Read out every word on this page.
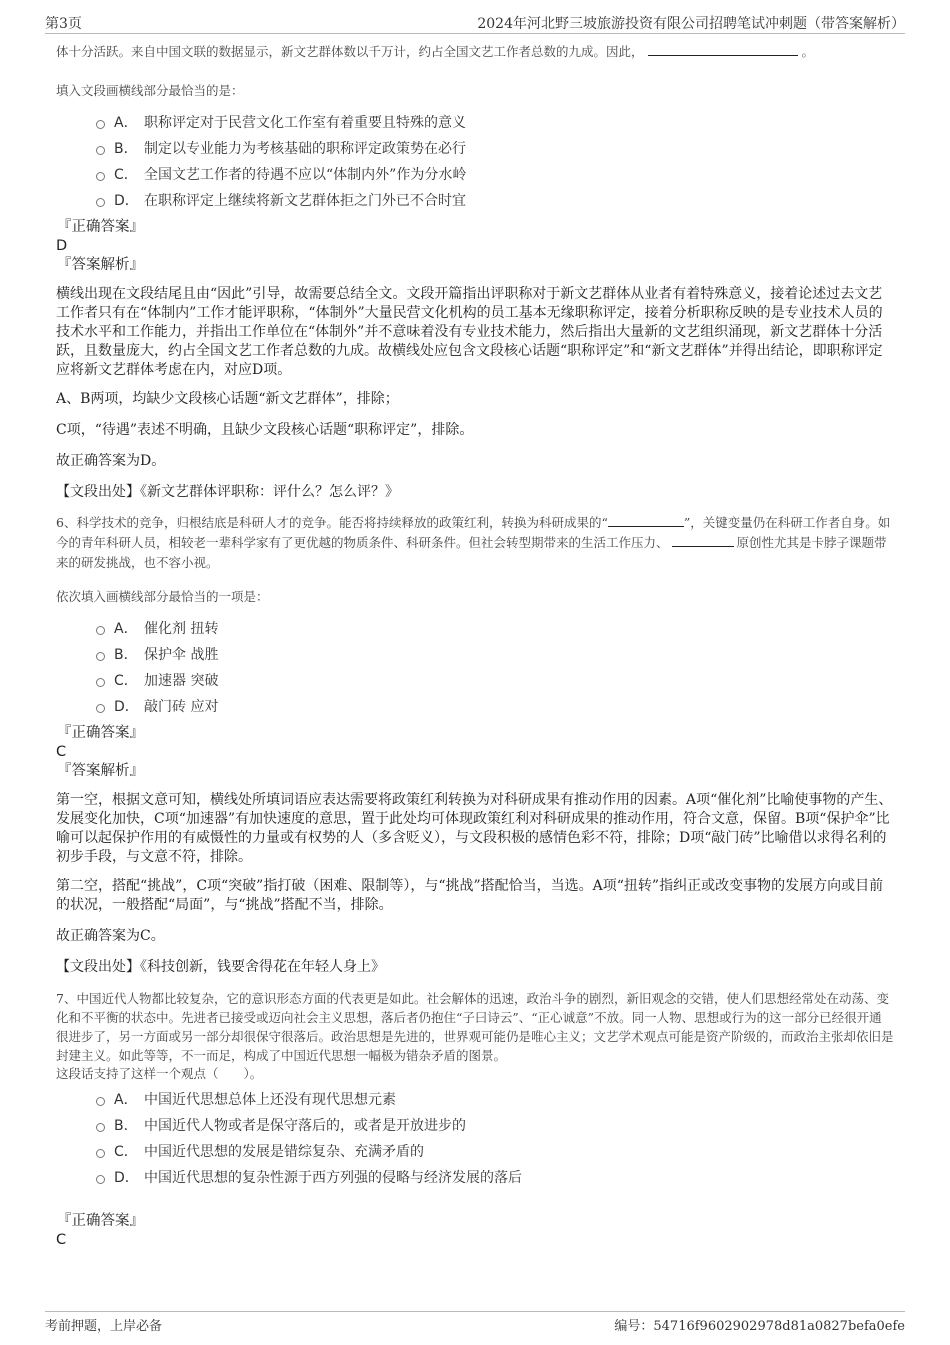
第3页	2024年河北野三坡旅游投资有限公司招聘笔试冲刺题（带答案解析）

体十分活跃。来自中国文联的数据显示，新文艺群体数以千万计，约占全国文艺工作者总数的九成。因此，	。

填入文段画横线部分最恰当的是：

A． 职称评定对于民营文化工作室有着重要且特殊的意义
B． 制定以专业能力为考核基础的职称评定政策势在必行
C． 全国文艺工作者的待遇不应以“体制内外”作为分水岭
D． 在职称评定上继续将新文艺群体拒之门外已不合时宜
『正确答案』
D
『答案解析』

横线出现在文段结尾且由“因此”引导，故需要总结全文。文段开篇指出评职称对于新文艺群体从业者有着特殊意义，接着论述过去文艺工作者只有在“体制内”工作才能评职称，“体制外”大量民营文化机构的员工基本无缘职称评定，接着分析职称反映的是专业技术人员的技术水平和工作能力，并指出工作单位在“体制外”并不意味着没有专业技术能力，然后指出大量新的文艺组织涌现，新文艺群体十分活跃，且数量庞大，约占全国文艺工作者总数的九成。故横线处应包含文段核心话题“职称评定”和“新文艺群体”并得出结论，即职称评定应将新文艺群体考虑在内，对应D项。

A、B两项，均缺少文段核心话题“新文艺群体”，排除；

C项，“待遇”表述不明确，且缺少文段核心话题“职称评定”，排除。

故正确答案为D。

【文段出处】《新文艺群体评职称：评什么？怎么评？》

6、科学技术的竞争，归根结底是科研人才的竞争。能否将持续释放的政策红利，转换为科研成果的“	”，关键变量仍在科研工作者自身。如今的青年科研人员，相较老一辈科学家有了更优越的物质条件、科研条件。但社会转型期带来的生活工作压力、	原创性尤其是卡脖子课题带来的研发挑战，也不容小视。

依次填入画横线部分最恰当的一项是：

A． 催化剂 扭转
B． 保护伞 战胜
C． 加速器 突破
D． 敲门砖 应对
『正确答案』
C
『答案解析』

第一空，根据文意可知，横线处所填词语应表达需要将政策红利转换为对科研成果有推动作用的因素。A项“催化剂”比喻使事物的产生、发展变化加快，C项“加速器”有加快速度的意思，置于此处均可体现政策红利对科研成果的推动作用，符合文意，保留。B项“保护伞”比喻可以起保护作用的有威慑性的力量或有权势的人（多含贬义），与文段积极的感情色彩不符，排除；D项“敲门砖”比喻借以求得名利的初步手段，与文意不符，排除。

第二空，搭配“挑战”，C项“突破”指打破（困难、限制等），与“挑战”搭配恰当，当选。A项“扭转”指纠正或改变事物的发展方向或目前的状况，一般搭配“局面”，与“挑战”搭配不当，排除。

故正确答案为C。

【文段出处】《科技创新，钱要舍得花在年轻人身上》

7、中国近代人物都比较复杂，它的意识形态方面的代表更是如此。社会解体的迅速，政治斗争的剧烈，新旧观念的交错，使人们思想经常处在动荡、变化和不平衡的状态中。先进者已接受或迈向社会主义思想，落后者仍抱住“子曰诗云”、“正心诚意”不放。同一人物、思想或行为的这一部分已经很开通很进步了，另一方面或另一部分却很保守很落后。政治思想是先进的，世界观可能仍是唯心主义；文艺学术观点可能是资产阶级的，而政治主张却依旧是封建主义。如此等等，不一而足，构成了中国近代思想一幅极为错杂矛盾的图景。

这段话支持了这样一个观点（　　）。

A． 中国近代思想总体上还没有现代思想元素
B． 中国近代人物或者是保守落后的，或者是开放进步的
C． 中国近代思想的发展是错综复杂、充满矛盾的
D． 中国近代思想的复杂性源于西方列强的侵略与经济发展的落后
『正确答案』
C
考前押题，上岸必备	编号：54716f9602902978d81a0827befa0efe
